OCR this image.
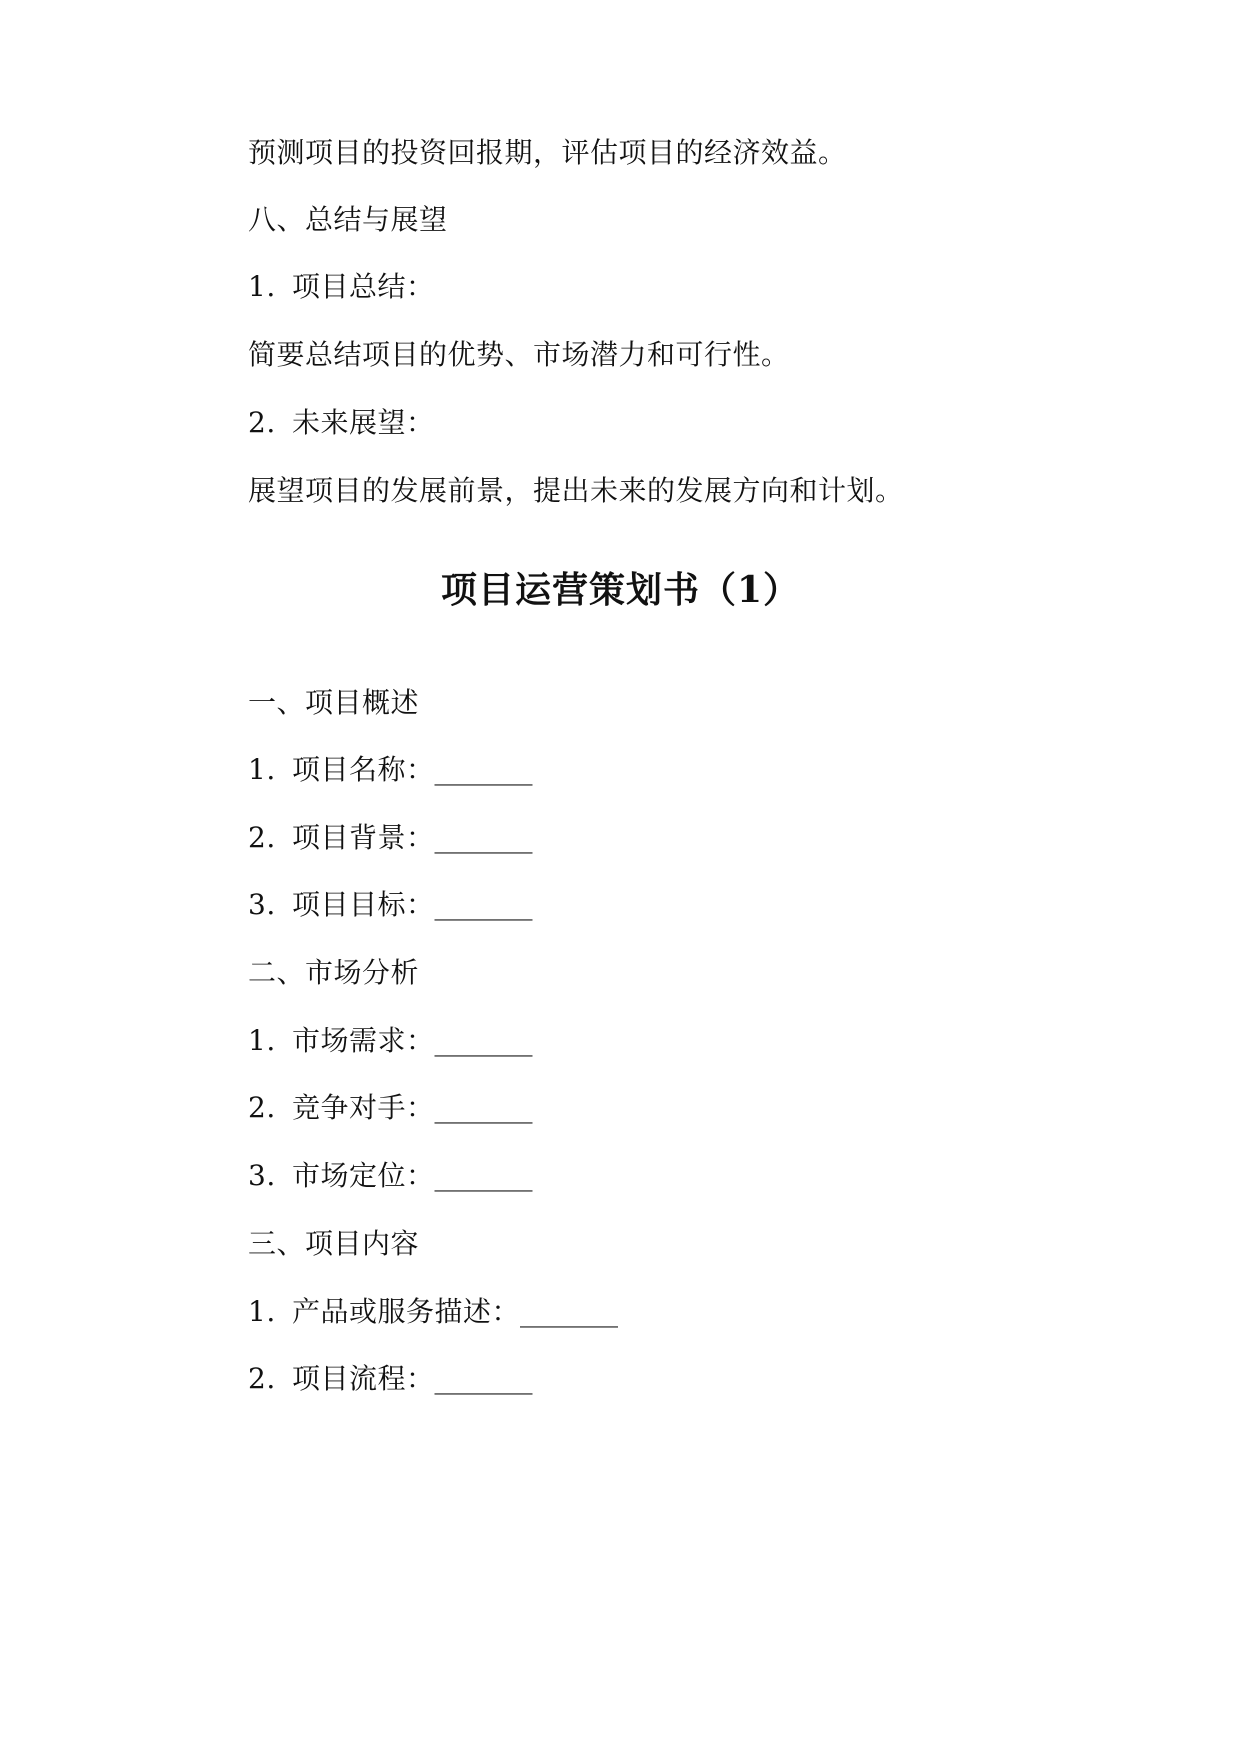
预测项目的投资回报期，评估项目的经济效益。
八、总结与展望
1. 项目总结：
简要总结项目的优势、市场潜力和可行性。
2. 未来展望：
展望项目的发展前景，提出未来的发展方向和计划。
项目运营策划书（1）
一、项目概述
1. 项目名称：_______
2. 项目背景：_______
3. 项目目标：_______
二、市场分析
1. 市场需求：_______
2. 竞争对手：_______
3. 市场定位：_______
三、项目内容
1. 产品或服务描述：_______
2. 项目流程：_______
